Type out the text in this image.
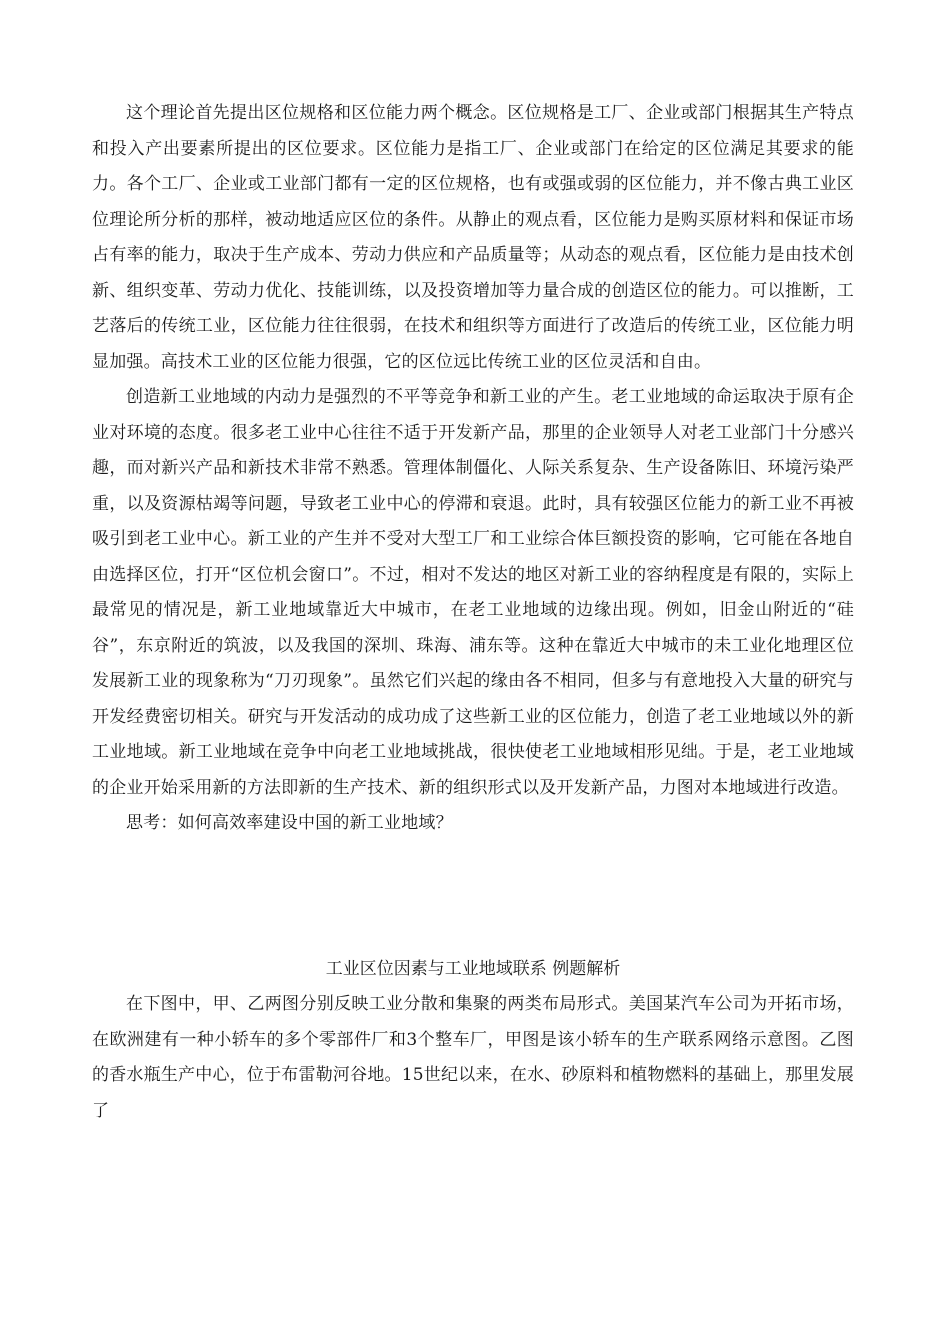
这个理论首先提出区位规格和区位能力两个概念。区位规格是工厂、企业或部门根据其生产特点和投入产出要素所提出的区位要求。区位能力是指工厂、企业或部门在给定的区位满足其要求的能力。各个工厂、企业或工业部门都有一定的区位规格，也有或强或弱的区位能力，并不像古典工业区位理论所分析的那样，被动地适应区位的条件。从静止的观点看，区位能力是购买原材料和保证市场占有率的能力，取决于生产成本、劳动力供应和产品质量等；从动态的观点看，区位能力是由技术创新、组织变革、劳动力优化、技能训练，以及投资增加等力量合成的创造区位的能力。可以推断，工艺落后的传统工业，区位能力往往很弱，在技术和组织等方面进行了改造后的传统工业，区位能力明显加强。高技术工业的区位能力很强，它的区位远比传统工业的区位灵活和自由。

创造新工业地域的内动力是强烈的不平等竞争和新工业的产生。老工业地域的命运取决于原有企业对环境的态度。很多老工业中心往往不适于开发新产品，那里的企业领导人对老工业部门十分感兴趣，而对新兴产品和新技术非常不熟悉。管理体制僵化、人际关系复杂、生产设备陈旧、环境污染严重，以及资源枯竭等问题，导致老工业中心的停滞和衰退。此时，具有较强区位能力的新工业不再被吸引到老工业中心。新工业的产生并不受对大型工厂和工业综合体巨额投资的影响，它可能在各地自由选择区位，打开“区位机会窗口”。不过，相对不发达的地区对新工业的容纳程度是有限的，实际上最常见的情况是，新工业地域靠近大中城市，在老工业地域的边缘出现。例如，旧金山附近的“硅谷”，东京附近的筑波，以及我国的深圳、珠海、浦东等。这种在靠近大中城市的未工业化地理区位发展新工业的现象称为“刀刃现象”。虽然它们兴起的缘由各不相同，但多与有意地投入大量的研究与开发经费密切相关。研究与开发活动的成功成了这些新工业的区位能力，创造了老工业地域以外的新工业地域。新工业地域在竞争中向老工业地域挑战，很快使老工业地域相形见绌。于是，老工业地域的企业开始采用新的方法即新的生产技术、新的组织形式以及开发新产品，力图对本地域进行改造。

思考：如何高效率建设中国的新工业地域？

工业区位因素与工业地域联系 例题解析

在下图中，甲、乙两图分别反映工业分散和集聚的两类布局形式。美国某汽车公司为开拓市场，在欧洲建有一种小轿车的多个零部件厂和3个整车厂，甲图是该小轿车的生产联系网络示意图。乙图的香水瓶生产中心，位于布雷勒河谷地。15世纪以来，在水、砂原料和植物燃料的基础上，那里发展了
